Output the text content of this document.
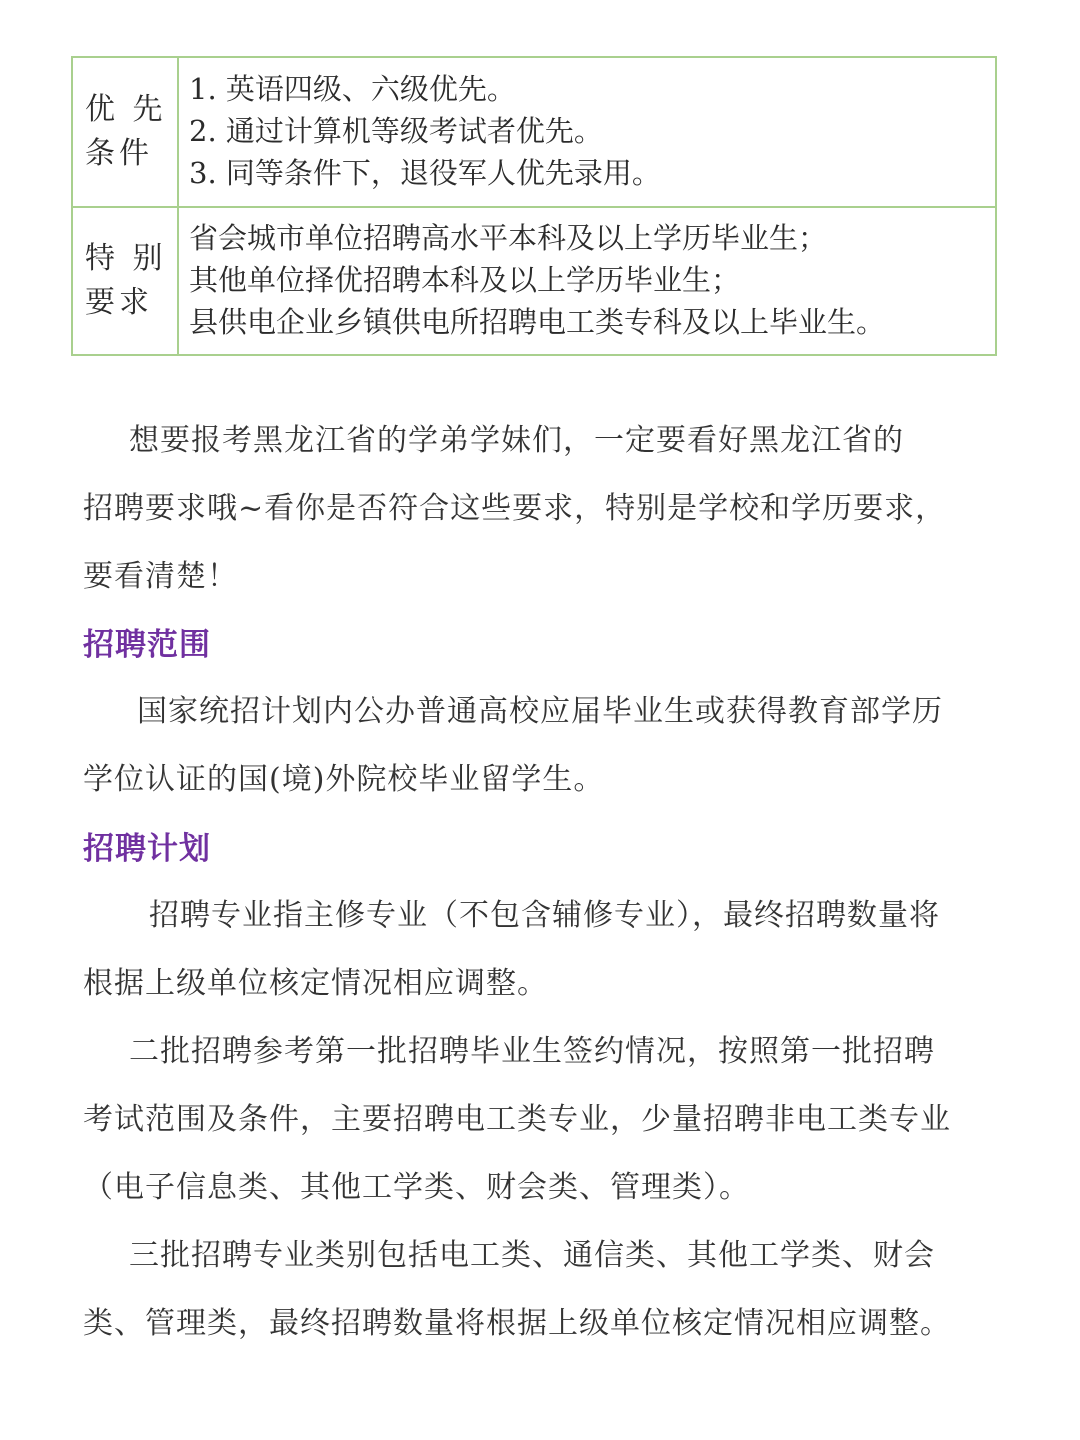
优 先
条件	1. 英语四级、六级优先。
2. 通过计算机等级考试者优先。
3. 同等条件下，退役军人优先录用。

特 别
要求	省会城市单位招聘高水平本科及以上学历毕业生；
其他单位择优招聘本科及以上学历毕业生；
县供电企业乡镇供电所招聘电工类专科及以上毕业生。

想要报考黑龙江省的学弟学妹们，一定要看好黑龙江省的
招聘要求哦~看你是否符合这些要求，特别是学校和学历要求，
要看清楚！

招聘范围

国家统招计划内公办普通高校应届毕业生或获得教育部学历
学位认证的国(境)外院校毕业留学生。

招聘计划

招聘专业指主修专业（不包含辅修专业），最终招聘数量将
根据上级单位核定情况相应调整。

二批招聘参考第一批招聘毕业生签约情况，按照第一批招聘
考试范围及条件，主要招聘电工类专业，少量招聘非电工类专业
（电子信息类、其他工学类、财会类、管理类）。

三批招聘专业类别包括电工类、通信类、其他工学类、财会
类、管理类，最终招聘数量将根据上级单位核定情况相应调整。
